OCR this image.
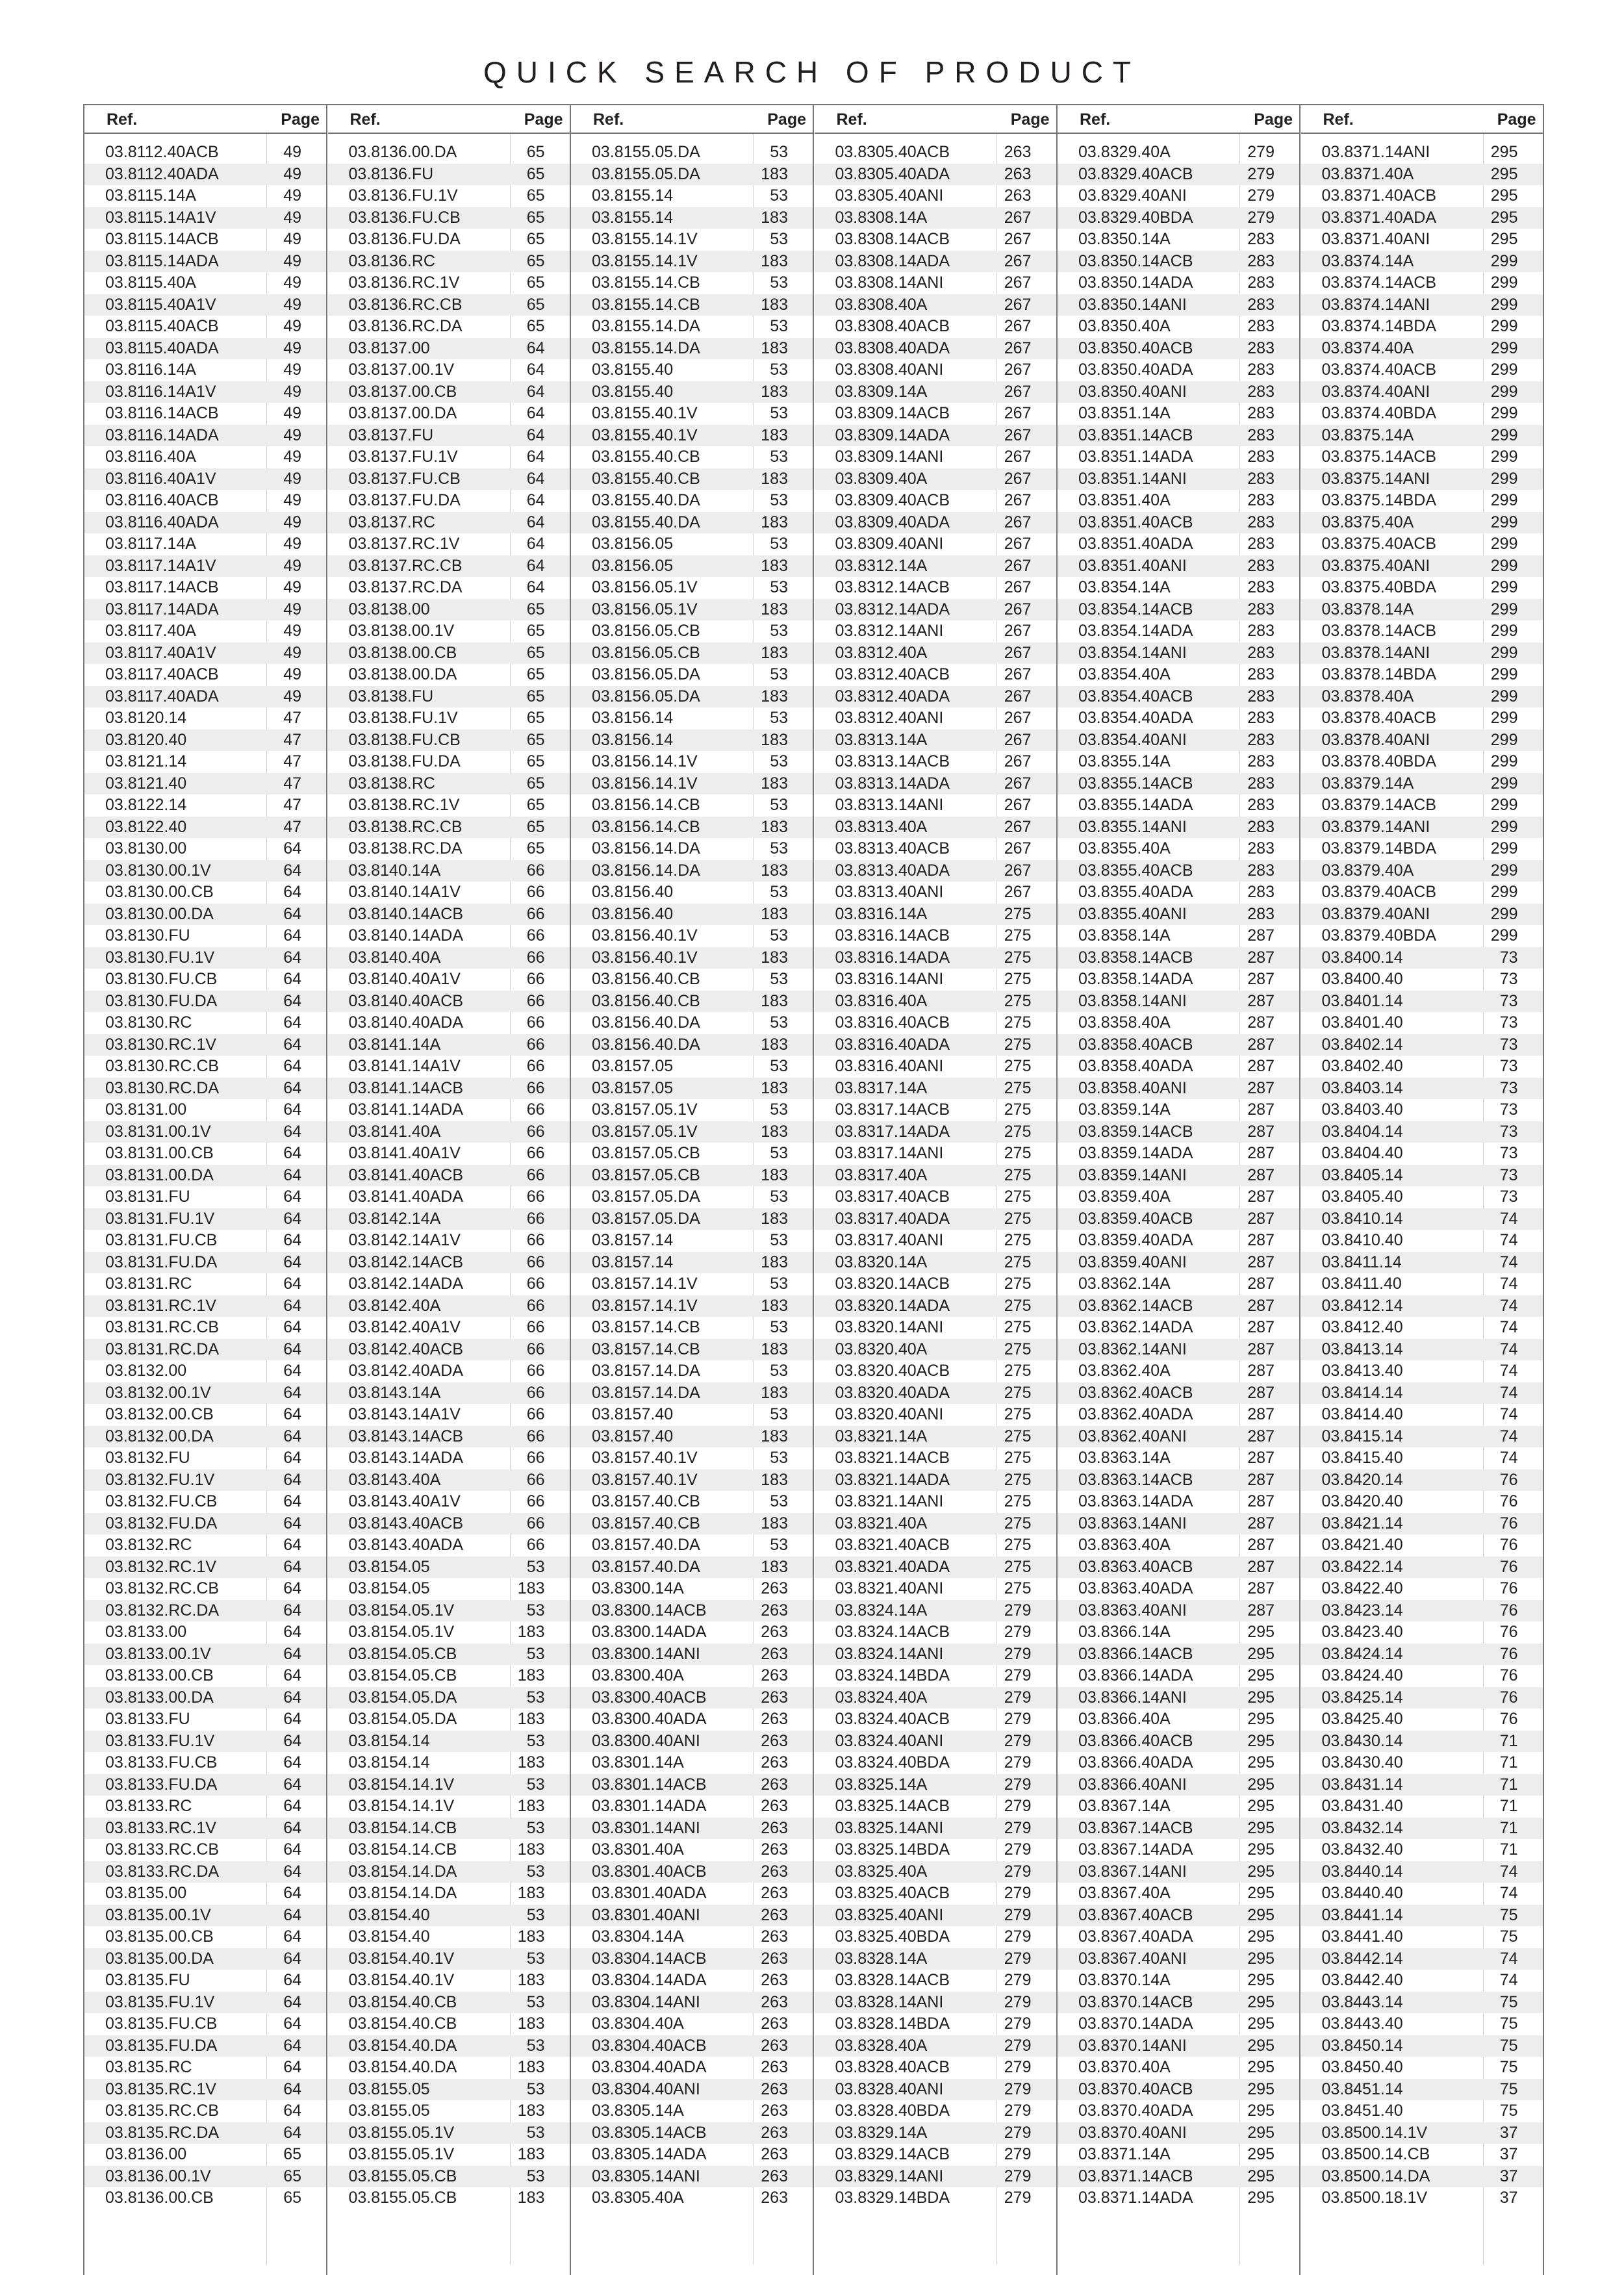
QUICK SEARCH OF PRODUCT
Ref.	Page
03.8112.40ACB	49
03.8112.40ADA	49
03.8115.14A	49
03.8115.14A1V	49
03.8115.14ACB	49
03.8115.14ADA	49
03.8115.40A	49
03.8115.40A1V	49
03.8115.40ACB	49
03.8115.40ADA	49
03.8116.14A	49
03.8116.14A1V	49
03.8116.14ACB	49
03.8116.14ADA	49
03.8116.40A	49
03.8116.40A1V	49
03.8116.40ACB	49
03.8116.40ADA	49
03.8117.14A	49
03.8117.14A1V	49
03.8117.14ACB	49
03.8117.14ADA	49
03.8117.40A	49
03.8117.40A1V	49
03.8117.40ACB	49
03.8117.40ADA	49
03.8120.14	47
03.8120.40	47
03.8121.14	47
03.8121.40	47
03.8122.14	47
03.8122.40	47
03.8130.00	64
03.8130.00.1V	64
03.8130.00.CB	64
03.8130.00.DA	64
03.8130.FU	64
03.8130.FU.1V	64
03.8130.FU.CB	64
03.8130.FU.DA	64
03.8130.RC	64
03.8130.RC.1V	64
03.8130.RC.CB	64
03.8130.RC.DA	64
03.8131.00	64
03.8131.00.1V	64
03.8131.00.CB	64
03.8131.00.DA	64
03.8131.FU	64
03.8131.FU.1V	64
03.8131.FU.CB	64
03.8131.FU.DA	64
03.8131.RC	64
03.8131.RC.1V	64
03.8131.RC.CB	64
03.8131.RC.DA	64
03.8132.00	64
03.8132.00.1V	64
03.8132.00.CB	64
03.8132.00.DA	64
03.8132.FU	64
03.8132.FU.1V	64
03.8132.FU.CB	64
03.8132.FU.DA	64
03.8132.RC	64
03.8132.RC.1V	64
03.8132.RC.CB	64
03.8132.RC.DA	64
03.8133.00	64
03.8133.00.1V	64
03.8133.00.CB	64
03.8133.00.DA	64
03.8133.FU	64
03.8133.FU.1V	64
03.8133.FU.CB	64
03.8133.FU.DA	64
03.8133.RC	64
03.8133.RC.1V	64
03.8133.RC.CB	64
03.8133.RC.DA	64
03.8135.00	64
03.8135.00.1V	64
03.8135.00.CB	64
03.8135.00.DA	64
03.8135.FU	64
03.8135.FU.1V	64
03.8135.FU.CB	64
03.8135.FU.DA	64
03.8135.RC	64
03.8135.RC.1V	64
03.8135.RC.CB	64
03.8135.RC.DA	64
03.8136.00	65
03.8136.00.1V	65
03.8136.00.CB	65
Ref.	Page
03.8136.00.DA	65
03.8136.FU	65
03.8136.FU.1V	65
03.8136.FU.CB	65
03.8136.FU.DA	65
03.8136.RC	65
03.8136.RC.1V	65
03.8136.RC.CB	65
03.8136.RC.DA	65
03.8137.00	64
03.8137.00.1V	64
03.8137.00.CB	64
03.8137.00.DA	64
03.8137.FU	64
03.8137.FU.1V	64
03.8137.FU.CB	64
03.8137.FU.DA	64
03.8137.RC	64
03.8137.RC.1V	64
03.8137.RC.CB	64
03.8137.RC.DA	64
03.8138.00	65
03.8138.00.1V	65
03.8138.00.CB	65
03.8138.00.DA	65
03.8138.FU	65
03.8138.FU.1V	65
03.8138.FU.CB	65
03.8138.FU.DA	65
03.8138.RC	65
03.8138.RC.1V	65
03.8138.RC.CB	65
03.8138.RC.DA	65
03.8140.14A	66
03.8140.14A1V	66
03.8140.14ACB	66
03.8140.14ADA	66
03.8140.40A	66
03.8140.40A1V	66
03.8140.40ACB	66
03.8140.40ADA	66
03.8141.14A	66
03.8141.14A1V	66
03.8141.14ACB	66
03.8141.14ADA	66
03.8141.40A	66
03.8141.40A1V	66
03.8141.40ACB	66
03.8141.40ADA	66
03.8142.14A	66
03.8142.14A1V	66
03.8142.14ACB	66
03.8142.14ADA	66
03.8142.40A	66
03.8142.40A1V	66
03.8142.40ACB	66
03.8142.40ADA	66
03.8143.14A	66
03.8143.14A1V	66
03.8143.14ACB	66
03.8143.14ADA	66
03.8143.40A	66
03.8143.40A1V	66
03.8143.40ACB	66
03.8143.40ADA	66
03.8154.05	53
03.8154.05	183
03.8154.05.1V	53
03.8154.05.1V	183
03.8154.05.CB	53
03.8154.05.CB	183
03.8154.05.DA	53
03.8154.05.DA	183
03.8154.14	53
03.8154.14	183
03.8154.14.1V	53
03.8154.14.1V	183
03.8154.14.CB	53
03.8154.14.CB	183
03.8154.14.DA	53
03.8154.14.DA	183
03.8154.40	53
03.8154.40	183
03.8154.40.1V	53
03.8154.40.1V	183
03.8154.40.CB	53
03.8154.40.CB	183
03.8154.40.DA	53
03.8154.40.DA	183
03.8155.05	53
03.8155.05	183
03.8155.05.1V	53
03.8155.05.1V	183
03.8155.05.CB	53
03.8155.05.CB	183
Ref.	Page
03.8155.05.DA	53
03.8155.05.DA	183
03.8155.14	53
03.8155.14	183
03.8155.14.1V	53
03.8155.14.1V	183
03.8155.14.CB	53
03.8155.14.CB	183
03.8155.14.DA	53
03.8155.14.DA	183
03.8155.40	53
03.8155.40	183
03.8155.40.1V	53
03.8155.40.1V	183
03.8155.40.CB	53
03.8155.40.CB	183
03.8155.40.DA	53
03.8155.40.DA	183
03.8156.05	53
03.8156.05	183
03.8156.05.1V	53
03.8156.05.1V	183
03.8156.05.CB	53
03.8156.05.CB	183
03.8156.05.DA	53
03.8156.05.DA	183
03.8156.14	53
03.8156.14	183
03.8156.14.1V	53
03.8156.14.1V	183
03.8156.14.CB	53
03.8156.14.CB	183
03.8156.14.DA	53
03.8156.14.DA	183
03.8156.40	53
03.8156.40	183
03.8156.40.1V	53
03.8156.40.1V	183
03.8156.40.CB	53
03.8156.40.CB	183
03.8156.40.DA	53
03.8156.40.DA	183
03.8157.05	53
03.8157.05	183
03.8157.05.1V	53
03.8157.05.1V	183
03.8157.05.CB	53
03.8157.05.CB	183
03.8157.05.DA	53
03.8157.05.DA	183
03.8157.14	53
03.8157.14	183
03.8157.14.1V	53
03.8157.14.1V	183
03.8157.14.CB	53
03.8157.14.CB	183
03.8157.14.DA	53
03.8157.14.DA	183
03.8157.40	53
03.8157.40	183
03.8157.40.1V	53
03.8157.40.1V	183
03.8157.40.CB	53
03.8157.40.CB	183
03.8157.40.DA	53
03.8157.40.DA	183
03.8300.14A	263
03.8300.14ACB	263
03.8300.14ADA	263
03.8300.14ANI	263
03.8300.40A	263
03.8300.40ACB	263
03.8300.40ADA	263
03.8300.40ANI	263
03.8301.14A	263
03.8301.14ACB	263
03.8301.14ADA	263
03.8301.14ANI	263
03.8301.40A	263
03.8301.40ACB	263
03.8301.40ADA	263
03.8301.40ANI	263
03.8304.14A	263
03.8304.14ACB	263
03.8304.14ADA	263
03.8304.14ANI	263
03.8304.40A	263
03.8304.40ACB	263
03.8304.40ADA	263
03.8304.40ANI	263
03.8305.14A	263
03.8305.14ACB	263
03.8305.14ADA	263
03.8305.14ANI	263
03.8305.40A	263
Ref.	Page
03.8305.40ACB	263
03.8305.40ADA	263
03.8305.40ANI	263
03.8308.14A	267
03.8308.14ACB	267
03.8308.14ADA	267
03.8308.14ANI	267
03.8308.40A	267
03.8308.40ACB	267
03.8308.40ADA	267
03.8308.40ANI	267
03.8309.14A	267
03.8309.14ACB	267
03.8309.14ADA	267
03.8309.14ANI	267
03.8309.40A	267
03.8309.40ACB	267
03.8309.40ADA	267
03.8309.40ANI	267
03.8312.14A	267
03.8312.14ACB	267
03.8312.14ADA	267
03.8312.14ANI	267
03.8312.40A	267
03.8312.40ACB	267
03.8312.40ADA	267
03.8312.40ANI	267
03.8313.14A	267
03.8313.14ACB	267
03.8313.14ADA	267
03.8313.14ANI	267
03.8313.40A	267
03.8313.40ACB	267
03.8313.40ADA	267
03.8313.40ANI	267
03.8316.14A	275
03.8316.14ACB	275
03.8316.14ADA	275
03.8316.14ANI	275
03.8316.40A	275
03.8316.40ACB	275
03.8316.40ADA	275
03.8316.40ANI	275
03.8317.14A	275
03.8317.14ACB	275
03.8317.14ADA	275
03.8317.14ANI	275
03.8317.40A	275
03.8317.40ACB	275
03.8317.40ADA	275
03.8317.40ANI	275
03.8320.14A	275
03.8320.14ACB	275
03.8320.14ADA	275
03.8320.14ANI	275
03.8320.40A	275
03.8320.40ACB	275
03.8320.40ADA	275
03.8320.40ANI	275
03.8321.14A	275
03.8321.14ACB	275
03.8321.14ADA	275
03.8321.14ANI	275
03.8321.40A	275
03.8321.40ACB	275
03.8321.40ADA	275
03.8321.40ANI	275
03.8324.14A	279
03.8324.14ACB	279
03.8324.14ANI	279
03.8324.14BDA	279
03.8324.40A	279
03.8324.40ACB	279
03.8324.40ANI	279
03.8324.40BDA	279
03.8325.14A	279
03.8325.14ACB	279
03.8325.14ANI	279
03.8325.14BDA	279
03.8325.40A	279
03.8325.40ACB	279
03.8325.40ANI	279
03.8325.40BDA	279
03.8328.14A	279
03.8328.14ACB	279
03.8328.14ANI	279
03.8328.14BDA	279
03.8328.40A	279
03.8328.40ACB	279
03.8328.40ANI	279
03.8328.40BDA	279
03.8329.14A	279
03.8329.14ACB	279
03.8329.14ANI	279
03.8329.14BDA	279
Ref.	Page
03.8329.40A	279
03.8329.40ACB	279
03.8329.40ANI	279
03.8329.40BDA	279
03.8350.14A	283
03.8350.14ACB	283
03.8350.14ADA	283
03.8350.14ANI	283
03.8350.40A	283
03.8350.40ACB	283
03.8350.40ADA	283
03.8350.40ANI	283
03.8351.14A	283
03.8351.14ACB	283
03.8351.14ADA	283
03.8351.14ANI	283
03.8351.40A	283
03.8351.40ACB	283
03.8351.40ADA	283
03.8351.40ANI	283
03.8354.14A	283
03.8354.14ACB	283
03.8354.14ADA	283
03.8354.14ANI	283
03.8354.40A	283
03.8354.40ACB	283
03.8354.40ADA	283
03.8354.40ANI	283
03.8355.14A	283
03.8355.14ACB	283
03.8355.14ADA	283
03.8355.14ANI	283
03.8355.40A	283
03.8355.40ACB	283
03.8355.40ADA	283
03.8355.40ANI	283
03.8358.14A	287
03.8358.14ACB	287
03.8358.14ADA	287
03.8358.14ANI	287
03.8358.40A	287
03.8358.40ACB	287
03.8358.40ADA	287
03.8358.40ANI	287
03.8359.14A	287
03.8359.14ACB	287
03.8359.14ADA	287
03.8359.14ANI	287
03.8359.40A	287
03.8359.40ACB	287
03.8359.40ADA	287
03.8359.40ANI	287
03.8362.14A	287
03.8362.14ACB	287
03.8362.14ADA	287
03.8362.14ANI	287
03.8362.40A	287
03.8362.40ACB	287
03.8362.40ADA	287
03.8362.40ANI	287
03.8363.14A	287
03.8363.14ACB	287
03.8363.14ADA	287
03.8363.14ANI	287
03.8363.40A	287
03.8363.40ACB	287
03.8363.40ADA	287
03.8363.40ANI	287
03.8366.14A	295
03.8366.14ACB	295
03.8366.14ADA	295
03.8366.14ANI	295
03.8366.40A	295
03.8366.40ACB	295
03.8366.40ADA	295
03.8366.40ANI	295
03.8367.14A	295
03.8367.14ACB	295
03.8367.14ADA	295
03.8367.14ANI	295
03.8367.40A	295
03.8367.40ACB	295
03.8367.40ADA	295
03.8367.40ANI	295
03.8370.14A	295
03.8370.14ACB	295
03.8370.14ADA	295
03.8370.14ANI	295
03.8370.40A	295
03.8370.40ACB	295
03.8370.40ADA	295
03.8370.40ANI	295
03.8371.14A	295
03.8371.14ACB	295
03.8371.14ADA	295
Ref.	Page
03.8371.14ANI	295
03.8371.40A	295
03.8371.40ACB	295
03.8371.40ADA	295
03.8371.40ANI	295
03.8374.14A	299
03.8374.14ACB	299
03.8374.14ANI	299
03.8374.14BDA	299
03.8374.40A	299
03.8374.40ACB	299
03.8374.40ANI	299
03.8374.40BDA	299
03.8375.14A	299
03.8375.14ACB	299
03.8375.14ANI	299
03.8375.14BDA	299
03.8375.40A	299
03.8375.40ACB	299
03.8375.40ANI	299
03.8375.40BDA	299
03.8378.14A	299
03.8378.14ACB	299
03.8378.14ANI	299
03.8378.14BDA	299
03.8378.40A	299
03.8378.40ACB	299
03.8378.40ANI	299
03.8378.40BDA	299
03.8379.14A	299
03.8379.14ACB	299
03.8379.14ANI	299
03.8379.14BDA	299
03.8379.40A	299
03.8379.40ACB	299
03.8379.40ANI	299
03.8379.40BDA	299
03.8400.14	73
03.8400.40	73
03.8401.14	73
03.8401.40	73
03.8402.14	73
03.8402.40	73
03.8403.14	73
03.8403.40	73
03.8404.14	73
03.8404.40	73
03.8405.14	73
03.8405.40	73
03.8410.14	74
03.8410.40	74
03.8411.14	74
03.8411.40	74
03.8412.14	74
03.8412.40	74
03.8413.14	74
03.8413.40	74
03.8414.14	74
03.8414.40	74
03.8415.14	74
03.8415.40	74
03.8420.14	76
03.8420.40	76
03.8421.14	76
03.8421.40	76
03.8422.14	76
03.8422.40	76
03.8423.14	76
03.8423.40	76
03.8424.14	76
03.8424.40	76
03.8425.14	76
03.8425.40	76
03.8430.14	71
03.8430.40	71
03.8431.14	71
03.8431.40	71
03.8432.14	71
03.8432.40	71
03.8440.14	74
03.8440.40	74
03.8441.14	75
03.8441.40	75
03.8442.14	74
03.8442.40	74
03.8443.14	75
03.8443.40	75
03.8450.14	75
03.8450.40	75
03.8451.14	75
03.8451.40	75
03.8500.14.1V	37
03.8500.14.CB	37
03.8500.14.DA	37
03.8500.18.1V	37
